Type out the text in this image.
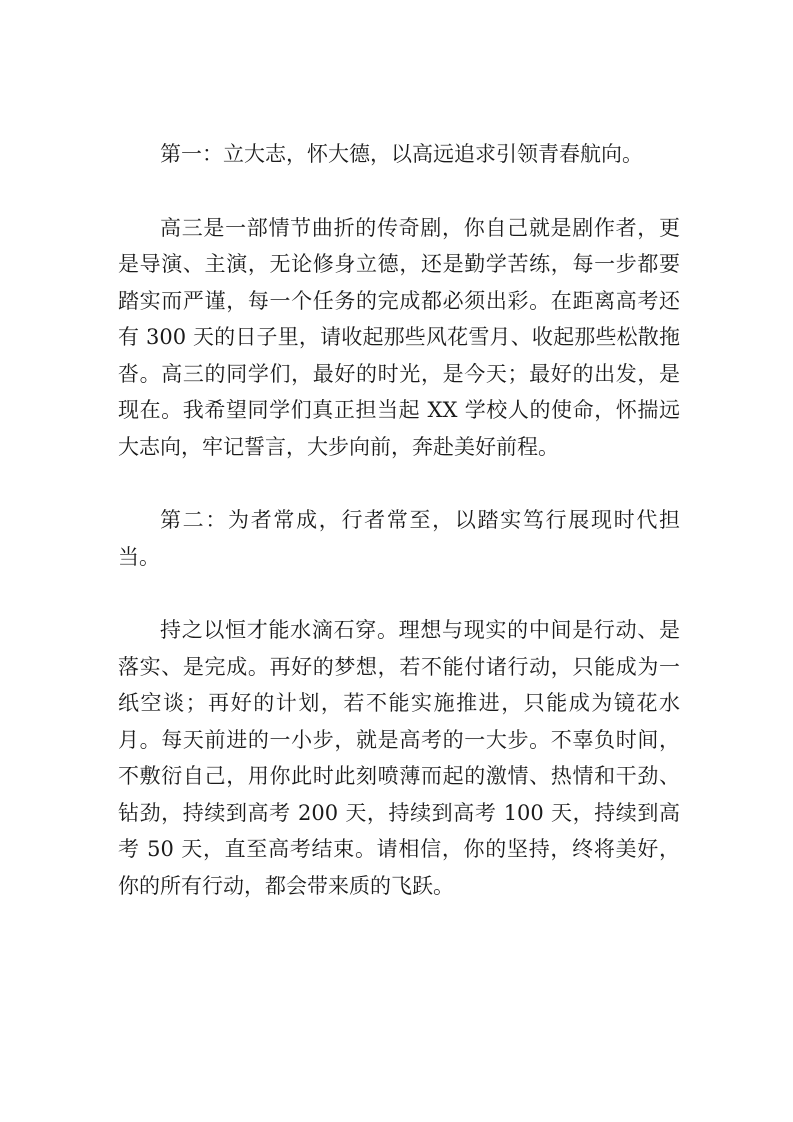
第一：立大志，怀大德，以高远追求引领青春航向。

高三是一部情节曲折的传奇剧，你自己就是剧作者，更是导演、主演，无论修身立德，还是勤学苦练，每一步都要踏实而严谨，每一个任务的完成都必须出彩。在距离高考还有 300 天的日子里，请收起那些风花雪月、收起那些松散拖沓。高三的同学们，最好的时光，是今天；最好的出发，是现在。我希望同学们真正担当起 XX 学校人的使命，怀揣远大志向，牢记誓言，大步向前，奔赴美好前程。

第二：为者常成，行者常至，以踏实笃行展现时代担当。

持之以恒才能水滴石穿。理想与现实的中间是行动、是落实、是完成。再好的梦想，若不能付诸行动，只能成为一纸空谈；再好的计划，若不能实施推进，只能成为镜花水月。每天前进的一小步，就是高考的一大步。不辜负时间，不敷衍自己，用你此时此刻喷薄而起的激情、热情和干劲、钻劲，持续到高考 200 天，持续到高考 100 天，持续到高考 50 天，直至高考结束。请相信，你的坚持，终将美好，你的所有行动，都会带来质的飞跃。
